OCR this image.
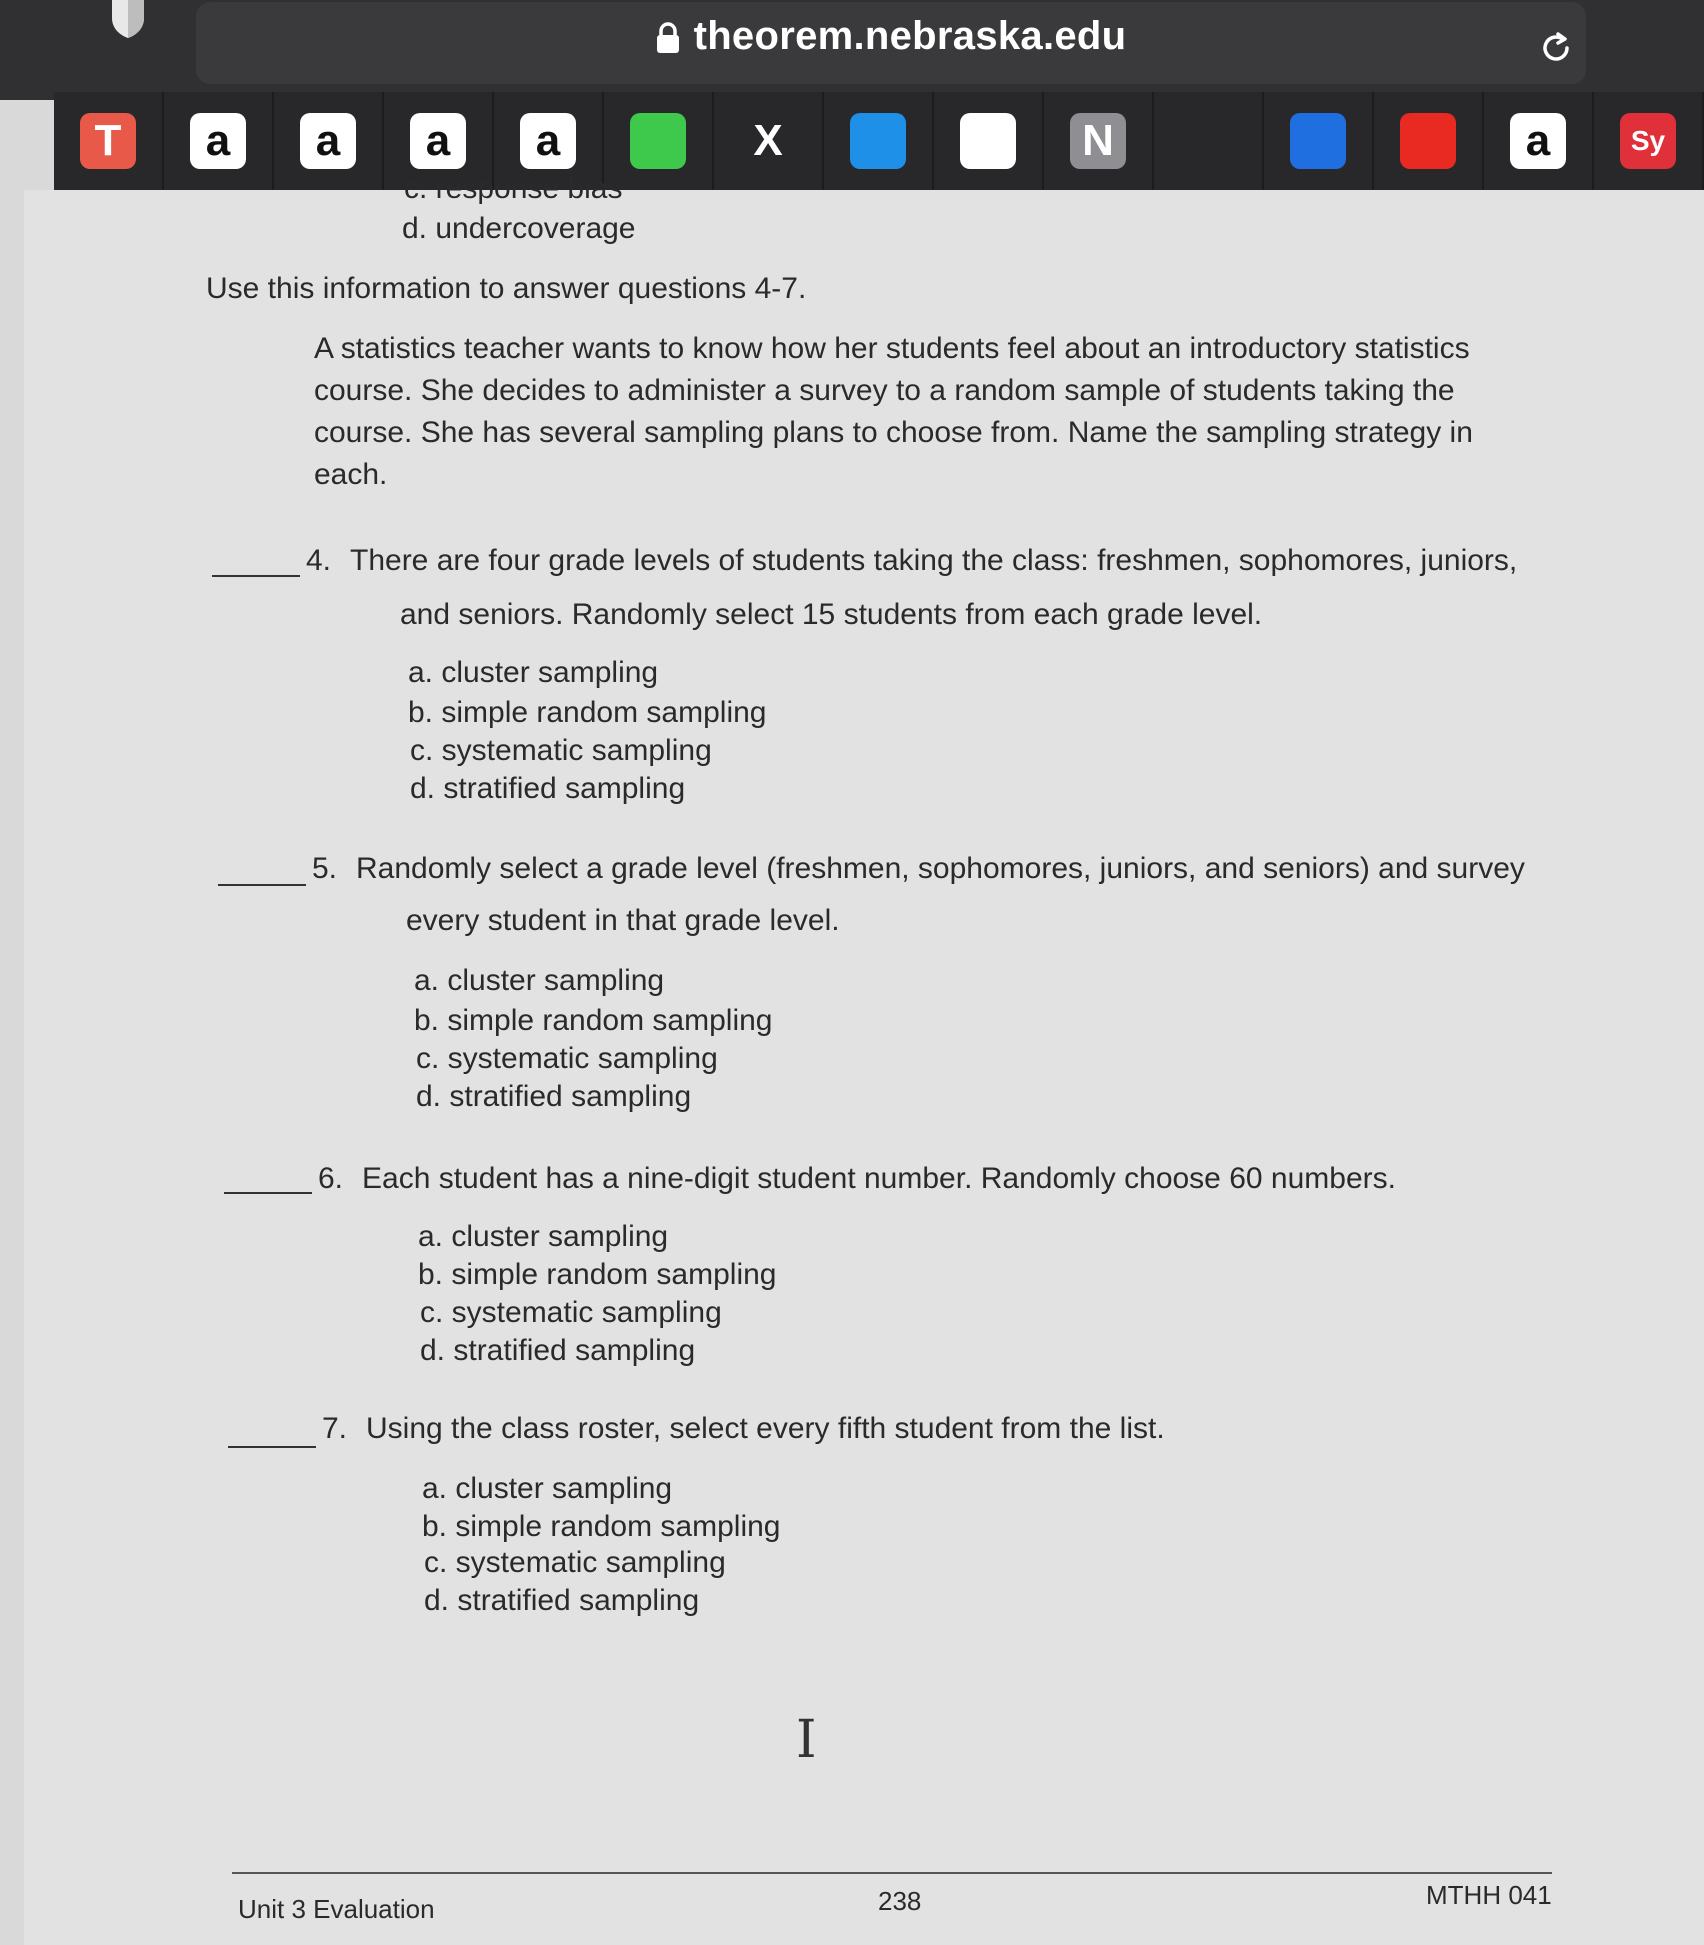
theorem.nebraska.edu
T	a	a	a	a	X	N	a	Sy
c. response bias
d. undercoverage
Use this information to answer questions 4-7.
A statistics teacher wants to know how her students feel about an introductory statistics course. She decides to administer a survey to a random sample of students taking the course. She has several sampling plans to choose from. Name the sampling strategy in each.
4. There are four grade levels of students taking the class: freshmen, sophomores, juniors,
and seniors. Randomly select 15 students from each grade level.
a. cluster sampling
b. simple random sampling
c. systematic sampling
d. stratified sampling
5. Randomly select a grade level (freshmen, sophomores, juniors, and seniors) and survey
every student in that grade level.
a. cluster sampling
b. simple random sampling
c. systematic sampling
d. stratified sampling
6. Each student has a nine-digit student number. Randomly choose 60 numbers.
a. cluster sampling
b. simple random sampling
c. systematic sampling
d. stratified sampling
7. Using the class roster, select every fifth student from the list.
a. cluster sampling
b. simple random sampling
c. systematic sampling
d. stratified sampling
I
Unit 3 Evaluation	238	MTHH 041
